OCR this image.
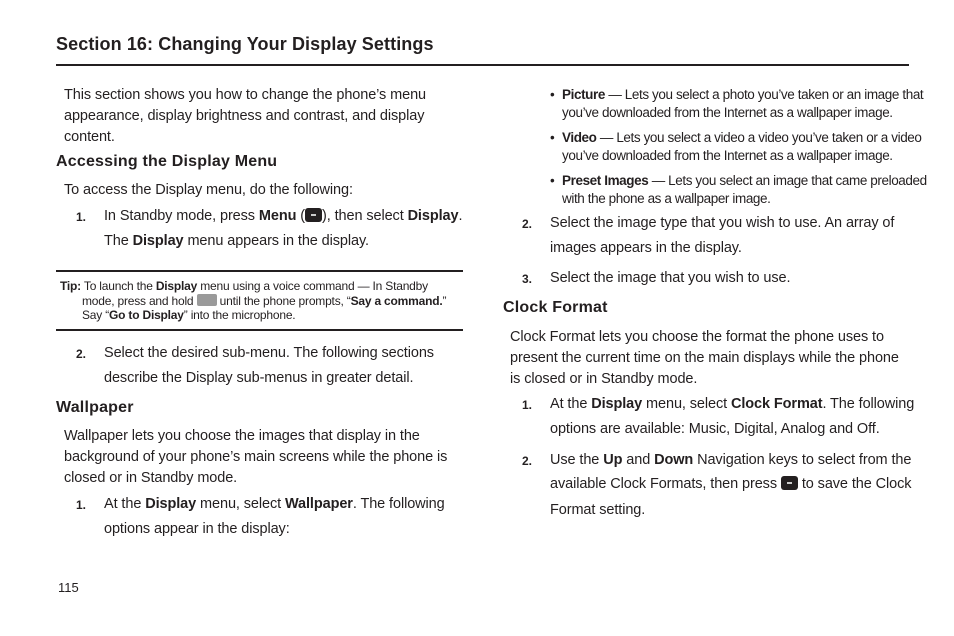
Section 16: Changing Your Display Settings
This section shows you how to change the phone’s menu appearance, display brightness and contrast, and display content.
Accessing the Display Menu
To access the Display menu, do the following:
1. In Standby mode, press Menu ( ), then select Display.
The Display menu appears in the display.
Tip: To launch the Display menu using a voice command — In Standby
mode, press and hold  until the phone prompts, “Say a command.”
Say “Go to Display” into the microphone.
2. Select the desired sub-menu. The following sections
describe the Display sub-menus in greater detail.
Wallpaper
Wallpaper lets you choose the images that display in the background of your phone’s main screens while the phone is closed or in Standby mode.
1. At the Display menu, select Wallpaper. The following
options appear in the display:
• Picture — Lets you select a photo you’ve taken or an image that
you’ve downloaded from the Internet as a wallpaper image.
• Video — Lets you select a video a video you’ve taken or a video
you’ve downloaded from the Internet as a wallpaper image.
• Preset Images — Lets you select an image that came preloaded
with the phone as a wallpaper image.
2. Select the image type that you wish to use. An array of
images appears in the display.
3. Select the image that you wish to use.
Clock Format
Clock Format lets you choose the format the phone uses to present the current time on the main displays while the phone is closed or in Standby mode.
1. At the Display menu, select Clock Format. The following
options are available: Music, Digital, Analog and Off.
2. Use the Up and Down Navigation keys to select from the
available Clock Formats, then press  to save the Clock
Format setting.
115
